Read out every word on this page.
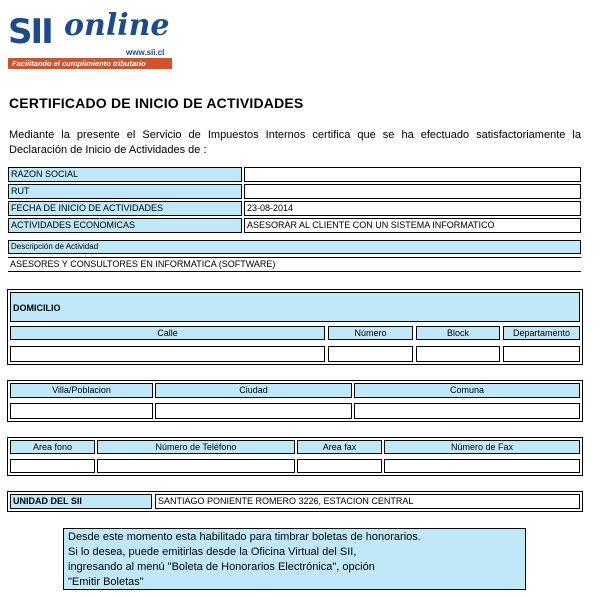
SII online
www.sii.cl
Facilitando el cumplimiento tributario
CERTIFICADO DE INICIO DE ACTIVIDADES
Mediante la presente el Servicio de Impuestos Internos certifica que se ha efectuado satisfactoriamente la Declaración de Inicio de Actividades de :
RAZON SOCIAL
RUT
FECHA DE INICIO DE ACTIVIDADES	23-08-2014
ACTIVIDADES ECONOMICAS	ASESORAR AL CLIENTE CON UN SISTEMA INFORMATICO
Descripción de Actividad
ASESORES Y CONSULTORES EN INFORMATICA (SOFTWARE)
DOMICILIO
Calle	Número	Block	Departamento
Villa/Poblacion	Ciudad	Comuna
Area fono	Número de Teléfono	Area fax	Número de Fax
UNIDAD DEL SII	SANTIAGO PONIENTE ROMERO 3226, ESTACION CENTRAL
Desde este momento esta habilitado para timbrar boletas de honorarios.
Si lo desea, puede emitirlas desde la Oficina Virtual del SII,
ingresando al menú "Boleta de Honorarios Electrónica", opción
"Emitir Boletas"
